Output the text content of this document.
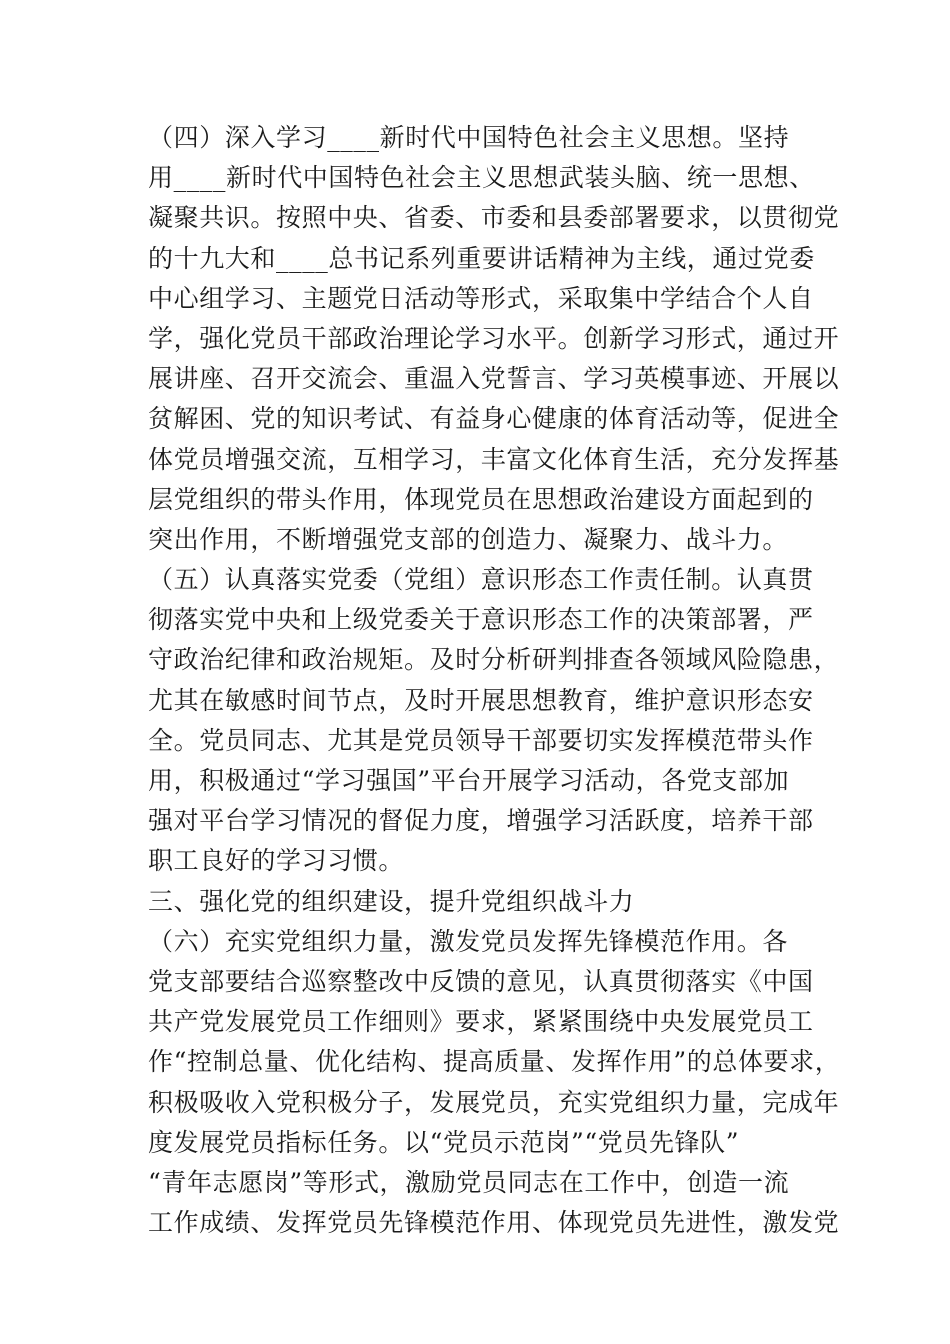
（四）深入学习____新时代中国特色社会主义思想。坚持
用____新时代中国特色社会主义思想武装头脑、统一思想、
凝聚共识。按照中央、省委、市委和县委部署要求，以贯彻党
的十九大和____总书记系列重要讲话精神为主线，通过党委
中心组学习、主题党日活动等形式，采取集中学结合个人自
学，强化党员干部政治理论学习水平。创新学习形式，通过开
展讲座、召开交流会、重温入党誓言、学习英模事迹、开展以
贫解困、党的知识考试、有益身心健康的体育活动等，促进全
体党员增强交流，互相学习，丰富文化体育生活，充分发挥基
层党组织的带头作用，体现党员在思想政治建设方面起到的
突出作用，不断增强党支部的创造力、凝聚力、战斗力。
（五）认真落实党委（党组）意识形态工作责任制。认真贯
彻落实党中央和上级党委关于意识形态工作的决策部署，严
守政治纪律和政治规矩。及时分析研判排查各领域风险隐患，
尤其在敏感时间节点，及时开展思想教育，维护意识形态安
全。党员同志、尤其是党员领导干部要切实发挥模范带头作
用，积极通过“学习强国”平台开展学习活动，各党支部加
强对平台学习情况的督促力度，增强学习活跃度，培养干部
职工良好的学习习惯。
三、强化党的组织建设，提升党组织战斗力
（六）充实党组织力量，激发党员发挥先锋模范作用。各
党支部要结合巡察整改中反馈的意见，认真贯彻落实《中国
共产党发展党员工作细则》要求，紧紧围绕中央发展党员工
作“控制总量、优化结构、提高质量、发挥作用”的总体要求，
积极吸收入党积极分子，发展党员，充实党组织力量，完成年
度发展党员指标任务。以“党员示范岗”“党员先锋队”
“青年志愿岗”等形式，激励党员同志在工作中，创造一流
工作成绩、发挥党员先锋模范作用、体现党员先进性，激发党
